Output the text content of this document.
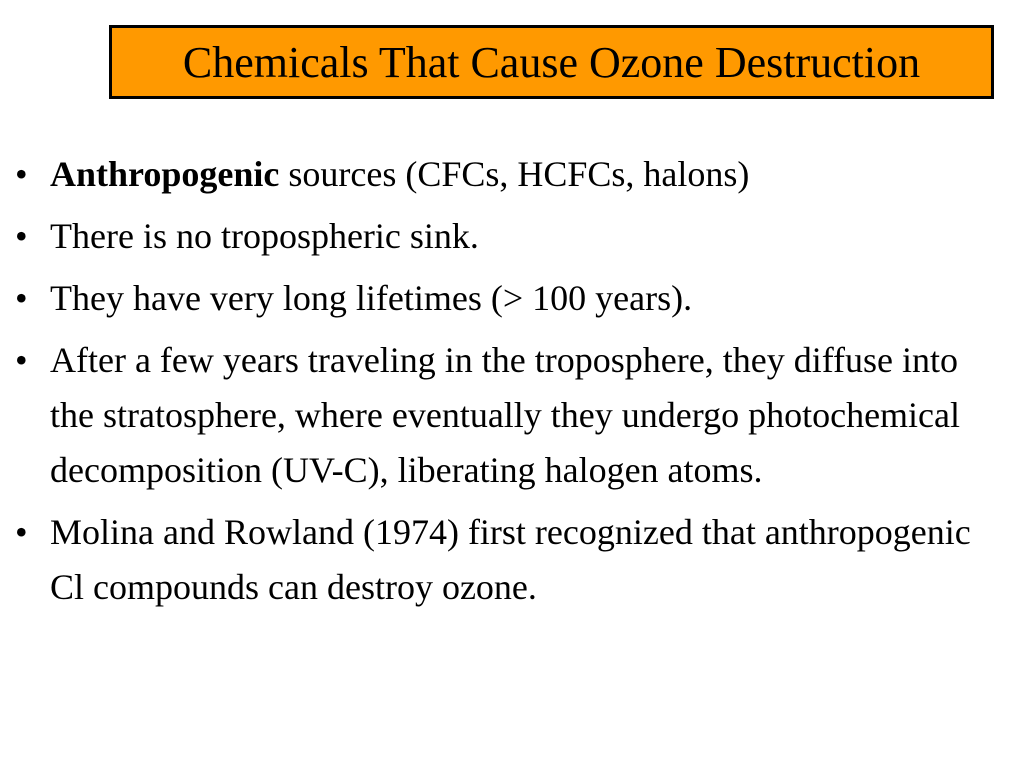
Chemicals That Cause Ozone Destruction
• Anthropogenic sources (CFCs, HCFCs, halons)
• There is no tropospheric sink.
• They have very long lifetimes (> 100 years).
• After a few years traveling in the troposphere, they diffuse into the stratosphere, where eventually they undergo photochemical decomposition (UV-C), liberating halogen atoms.
• Molina and Rowland (1974) first recognized that anthropogenic Cl compounds can destroy ozone.
